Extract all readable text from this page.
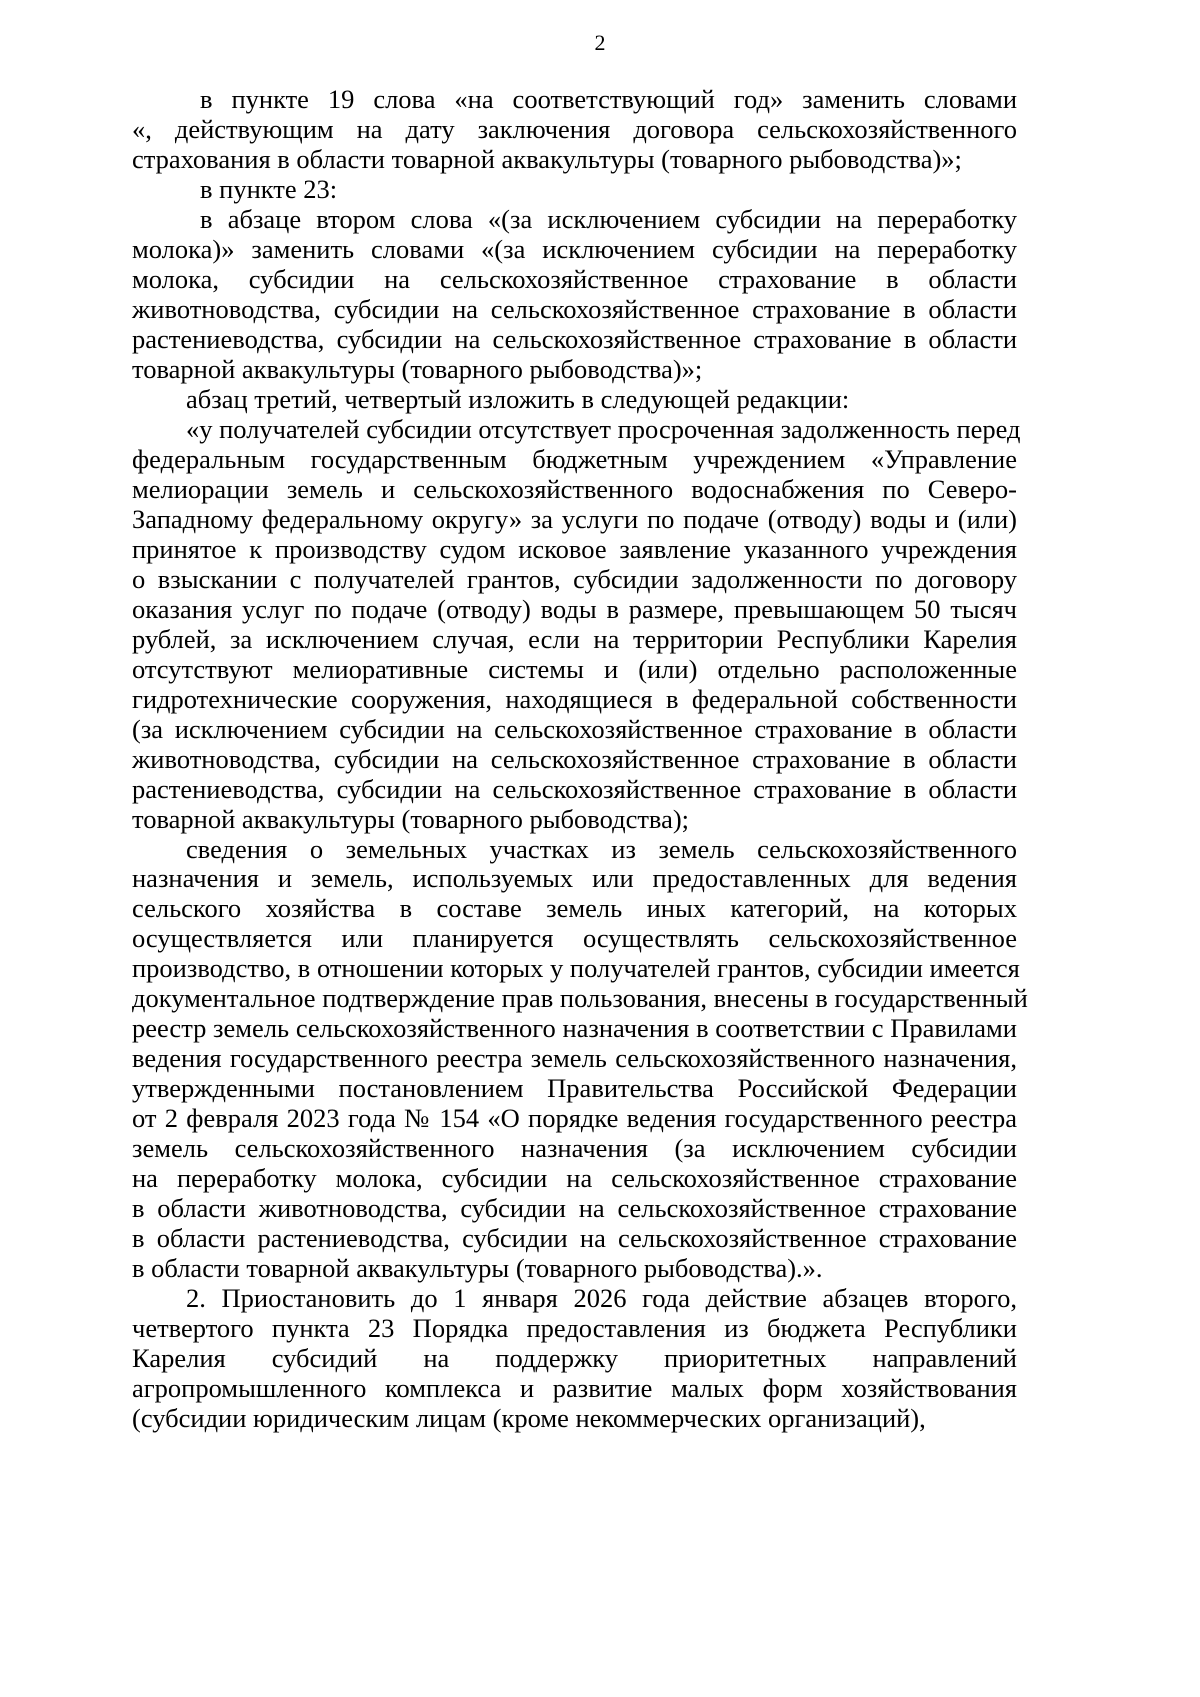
2
в пункте 19 слова «на соответствующий год» заменить словами
«, действующим на дату заключения договора сельскохозяйственного
страхования в области товарной аквакультуры (товарного рыбоводства)»;
в пункте 23:
в абзаце втором слова «(за исключением субсидии на переработку
молока)» заменить словами «(за исключением субсидии на переработку
молока, субсидии на сельскохозяйственное страхование в области
животноводства, субсидии на сельскохозяйственное страхование в области
растениеводства, субсидии на сельскохозяйственное страхование в области
товарной аквакультуры (товарного рыбоводства)»;
абзац третий, четвертый изложить в следующей редакции:
«у получателей субсидии отсутствует просроченная задолженность перед
федеральным государственным бюджетным учреждением «Управление
мелиорации земель и сельскохозяйственного водоснабжения по Северо-
Западному федеральному округу» за услуги по подаче (отводу) воды и (или)
принятое к производству судом исковое заявление указанного учреждения
о взыскании с получателей грантов, субсидии задолженности по договору
оказания услуг по подаче (отводу) воды в размере, превышающем 50 тысяч
рублей, за исключением случая, если на территории Республики Карелия
отсутствуют мелиоративные системы и (или) отдельно расположенные
гидротехнические сооружения, находящиеся в федеральной собственности
(за исключением субсидии на сельскохозяйственное страхование в области
животноводства, субсидии на сельскохозяйственное страхование в области
растениеводства, субсидии на сельскохозяйственное страхование в области
товарной аквакультуры (товарного рыбоводства);
сведения о земельных участках из земель сельскохозяйственного
назначения и земель, используемых или предоставленных для ведения
сельского хозяйства в составе земель иных категорий, на которых
осуществляется или планируется осуществлять сельскохозяйственное
производство, в отношении которых у получателей грантов, субсидии имеется
документальное подтверждение прав пользования, внесены в государственный
реестр земель сельскохозяйственного назначения в соответствии с Правилами
ведения государственного реестра земель сельскохозяйственного назначения,
утвержденными постановлением Правительства Российской Федерации
от 2 февраля 2023 года № 154 «О порядке ведения государственного реестра
земель сельскохозяйственного назначения (за исключением субсидии
на переработку молока, субсидии на сельскохозяйственное страхование
в области животноводства, субсидии на сельскохозяйственное страхование
в области растениеводства, субсидии на сельскохозяйственное страхование
в области товарной аквакультуры (товарного рыбоводства).».
2. Приостановить до 1 января 2026 года действие абзацев второго,
четвертого пункта 23 Порядка предоставления из бюджета Республики
Карелия субсидий на поддержку приоритетных направлений
агропромышленного комплекса и развитие малых форм хозяйствования
(субсидии юридическим лицам (кроме некоммерческих организаций),
